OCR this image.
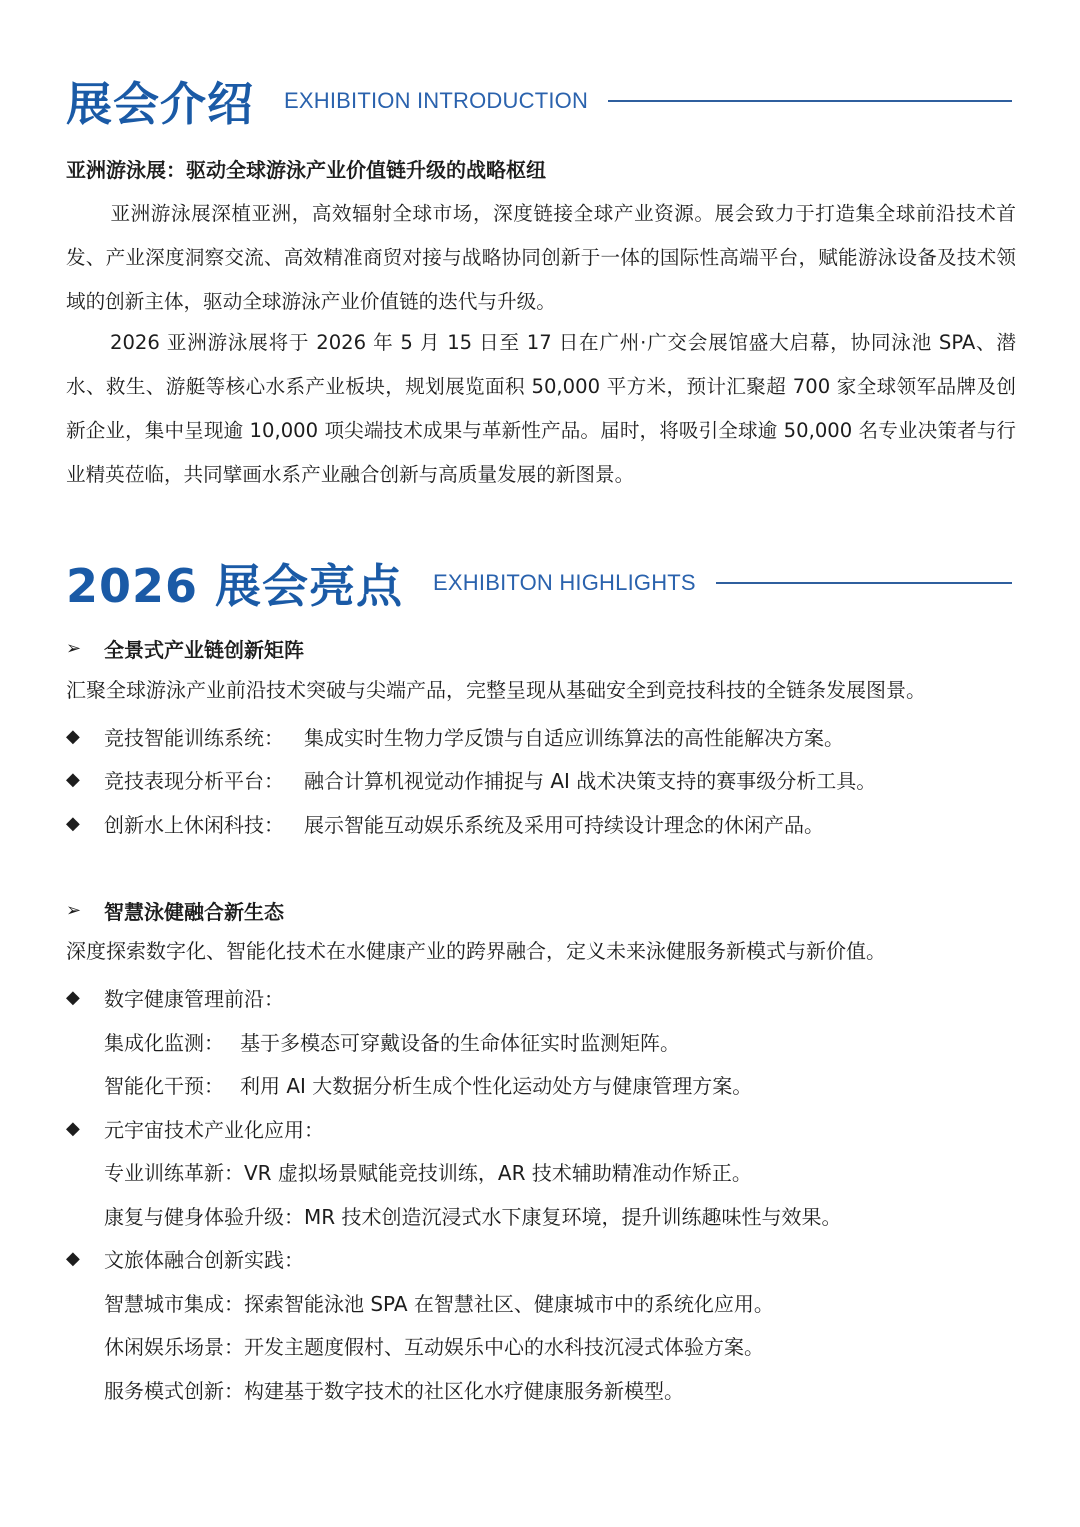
展会介绍 EXHIBITION INTRODUCTION
亚洲游泳展：驱动全球游泳产业价值链升级的战略枢纽
亚洲游泳展深植亚洲，高效辐射全球市场，深度链接全球产业资源。展会致力于打造集全球前沿技术首发、产业深度洞察交流、高效精准商贸对接与战略协同创新于一体的国际性高端平台，赋能游泳设备及技术领域的创新主体，驱动全球游泳产业价值链的迭代与升级。
2026 亚洲游泳展将于 2026 年 5 月 15 日至 17 日在广州·广交会展馆盛大启幕，协同泳池 SPA、潜水、救生、游艇等核心水系产业板块，规划展览面积 50,000 平方米，预计汇聚超 700 家全球领军品牌及创新企业，集中呈现逾 10,000 项尖端技术成果与革新性产品。届时，将吸引全球逾 50,000 名专业决策者与行业精英莅临，共同擘画水系产业融合创新与高质量发展的新图景。
2026 展会亮点 EXHIBITON HIGHLIGHTS
➢	全景式产业链创新矩阵
汇聚全球游泳产业前沿技术突破与尖端产品，完整呈现从基础安全到竞技科技的全链条发展图景。
◆	竞技智能训练系统： 集成实时生物力学反馈与自适应训练算法的高性能解决方案。
◆	竞技表现分析平台： 融合计算机视觉动作捕捉与 AI 战术决策支持的赛事级分析工具。
◆	创新水上休闲科技： 展示智能互动娱乐系统及采用可持续设计理念的休闲产品。
➢	智慧泳健融合新生态
深度探索数字化、智能化技术在水健康产业的跨界融合，定义未来泳健服务新模式与新价值。
◆	数字健康管理前沿：
集成化监测： 基于多模态可穿戴设备的生命体征实时监测矩阵。
智能化干预： 利用 AI 大数据分析生成个性化运动处方与健康管理方案。
◆	元宇宙技术产业化应用：
专业训练革新：VR 虚拟场景赋能竞技训练，AR 技术辅助精准动作矫正。
康复与健身体验升级：MR 技术创造沉浸式水下康复环境，提升训练趣味性与效果。
◆	文旅体融合创新实践：
智慧城市集成：探索智能泳池 SPA 在智慧社区、健康城市中的系统化应用。
休闲娱乐场景：开发主题度假村、互动娱乐中心的水科技沉浸式体验方案。
服务模式创新：构建基于数字技术的社区化水疗健康服务新模型。
